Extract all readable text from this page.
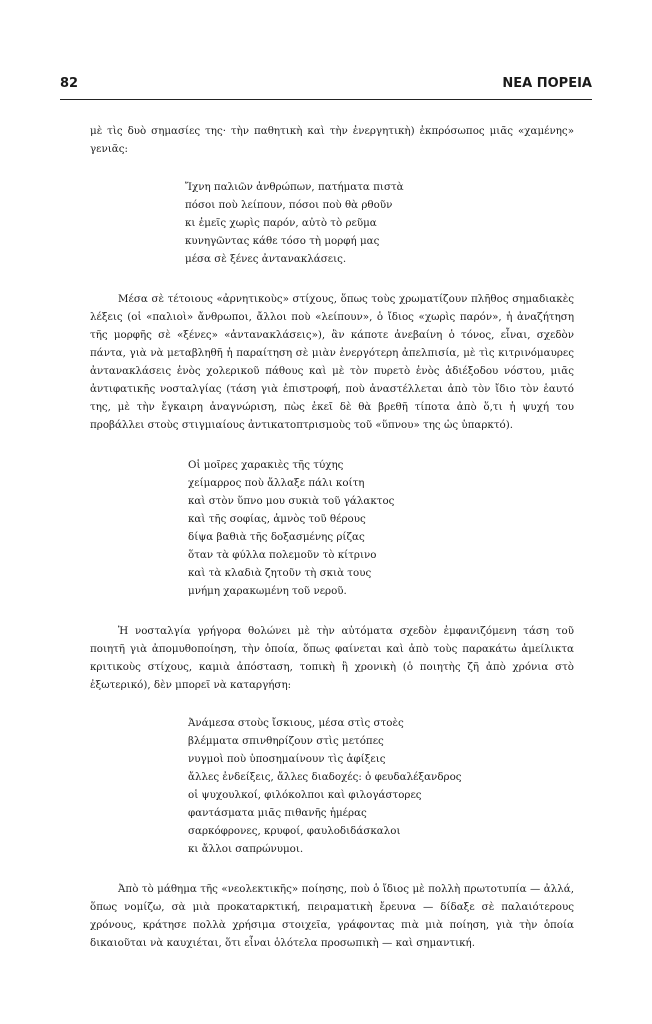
82	ΝΕΑ ΠΟΡΕΙΑ

μὲ τὶς δυὸ σημασίες της· τὴν παθητικὴ καὶ τὴν ἐνεργητικὴ) ἐκπρόσωπος μιᾶς «χαμένης» γενιᾶς:

Ἴχνη παλιῶν ἀνθρώπων, πατήματα πιστὰ
πόσοι ποὺ λείπουν, πόσοι ποὺ θὰ ρθοῦν
κι ἐμεῖς χωρὶς παρόν, αὐτὸ τὸ ρεῦμα
κυνηγῶντας κάθε τόσο τὴ μορφή μας
μέσα σὲ ξένες ἀντανακλάσεις.

Μέσα σὲ τέτοιους «ἀρνητικοὺς» στίχους, ὅπως τοὺς χρωματίζουν πλῆθος σημαδιακὲς λέξεις (οἱ «παλιοὶ» ἄνθρωποι, ἄλλοι ποὺ «λείπουν», ὁ ἴδιος «χωρὶς παρόν», ἡ ἀναζήτηση τῆς μορφῆς σὲ «ξένες» «ἀντανακλάσεις»), ἂν κάποτε ἀνεβαίνη ὁ τόνος, εἶναι, σχεδὸν πάντα, γιὰ νὰ μεταβληθῆ ἡ παραίτηση σὲ μιὰν ἐνεργότερη ἀπελπισία, μὲ τὶς κιτρινόμαυρες ἀντανακλάσεις ἑνὸς χολερικοῦ πάθους καὶ μὲ τὸν πυρετὸ ἑνὸς ἀδιέξοδου νόστου, μιᾶς ἀντιφατικῆς νοσταλγίας (τάση γιὰ ἐπιστροφή, ποὺ ἀναστέλλεται ἀπὸ τὸν ἴδιο τὸν ἑαυτό της, μὲ τὴν ἔγκαιρη ἀναγνώριση, πὼς ἐκεῖ δὲ θὰ βρεθῆ τίποτα ἀπὸ ὅ,τι ἡ ψυχή του προβάλλει στοὺς στιγμιαίους ἀντικατοπτρισμοὺς τοῦ «ὕπνου» της ὡς ὑπαρκτό).

Οἱ μοῖρες χαρακιὲς τῆς τύχης
χείμαρρος ποὺ ἄλλαξε πάλι κοίτη
καὶ στὸν ὕπνο μου συκιὰ τοῦ γάλακτος
καὶ τῆς σοφίας, ἀμνὸς τοῦ θέρους
δίψα βαθιὰ τῆς δοξασμένης ρίζας
ὅταν τὰ φύλλα πολεμοῦν τὸ κίτρινο
καὶ τὰ κλαδιὰ ζητοῦν τὴ σκιὰ τους
μνήμη χαρακωμένη τοῦ νεροῦ.

Ἡ νοσταλγία γρήγορα θολώνει μὲ τὴν αὐτόματα σχεδὸν ἐμφανιζόμενη τάση τοῦ ποιητῆ γιὰ ἀπομυθοποίηση, τὴν ὁποία, ὅπως φαίνεται καὶ ἀπὸ τοὺς παρακάτω ἀμείλικτα κριτικοὺς στίχους, καμιὰ ἀπόσταση, τοπικὴ ἢ χρονικὴ (ὁ ποιητὴς ζῆ ἀπὸ χρόνια στὸ ἐξωτερικό), δὲν μπορεῖ νὰ καταργήση:

Ἀνάμεσα στοὺς ἴσκιους, μέσα στὶς στοὲς
βλέμματα σπινθηρίζουν στὶς μετόπες
νυγμοὶ ποὺ ὑποσημαίνουν τὶς ἀφίξεις
ἄλλες ἐνδείξεις, ἄλλες διαδοχές: ὁ φευδαλέξανδρος
οἱ ψυχουλκοί, φιλόκολποι καὶ φιλογάστορες
φαντάσματα μιᾶς πιθανῆς ἡμέρας
σαρκόφρονες, κρυφοί, φαυλοδιδάσκαλοι
κι ἄλλοι σαπρώνυμοι.

Ἀπὸ τὸ μάθημα τῆς «νεολεκτικῆς» ποίησης, ποὺ ὁ ἴδιος μὲ πολλὴ πρωτοτυπία — ἀλλά, ὅπως νομίζω, σὰ μιὰ προκαταρκτική, πειραματικὴ ἔρευνα — δίδαξε σὲ παλαιότερους χρόνους, κράτησε πολλὰ χρήσιμα στοιχεῖα, γράφοντας πιὰ μιὰ ποίηση, γιὰ τὴν ὁποία δικαιοῦται νὰ καυχιέται, ὅτι εἶναι ὁλότελα προσωπικὴ — καὶ σημαντική.
